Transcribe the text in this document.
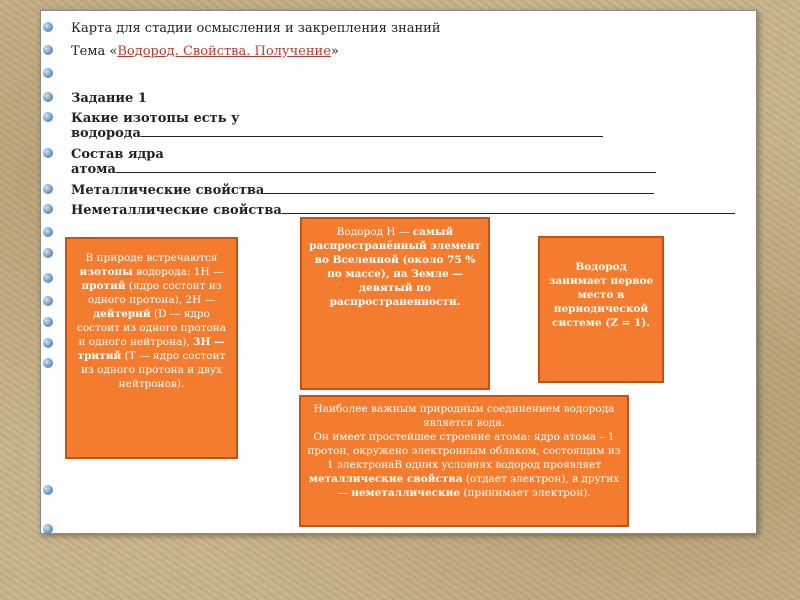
Карта для стадии осмысления и закрепления знаний
Тема «Водород. Свойства. Получение»
Задание 1
Какие изотопы есть у
водорода
Состав ядра
атома
Металлические свойства
Неметаллические свойства
В природе встречаются изотопы водорода: 1H — протий (ядро состоит из одного протона), 2H — дейтерий (D — ядро состоит из одного протона и одного нейтрона), 3H — тритий (T — ядро состоит из одного протона и двух нейтронов).
Водород H — самый распространённый элемент во Вселенной (около 75 % по массе), на Земле — девятый по распространенности.
Водород занимает первое место в периодической системе (Z = 1).
Наиболее важным природным соединением водорода является вода.
Он имеет простейшее строение атома: ядро атома – 1 протон, окружено электронным облаком, состоящим из 1 электронаВ одних условиях водород проявляет металлические свойства (отдает электрон), в других — неметаллические (принимает электрон).
